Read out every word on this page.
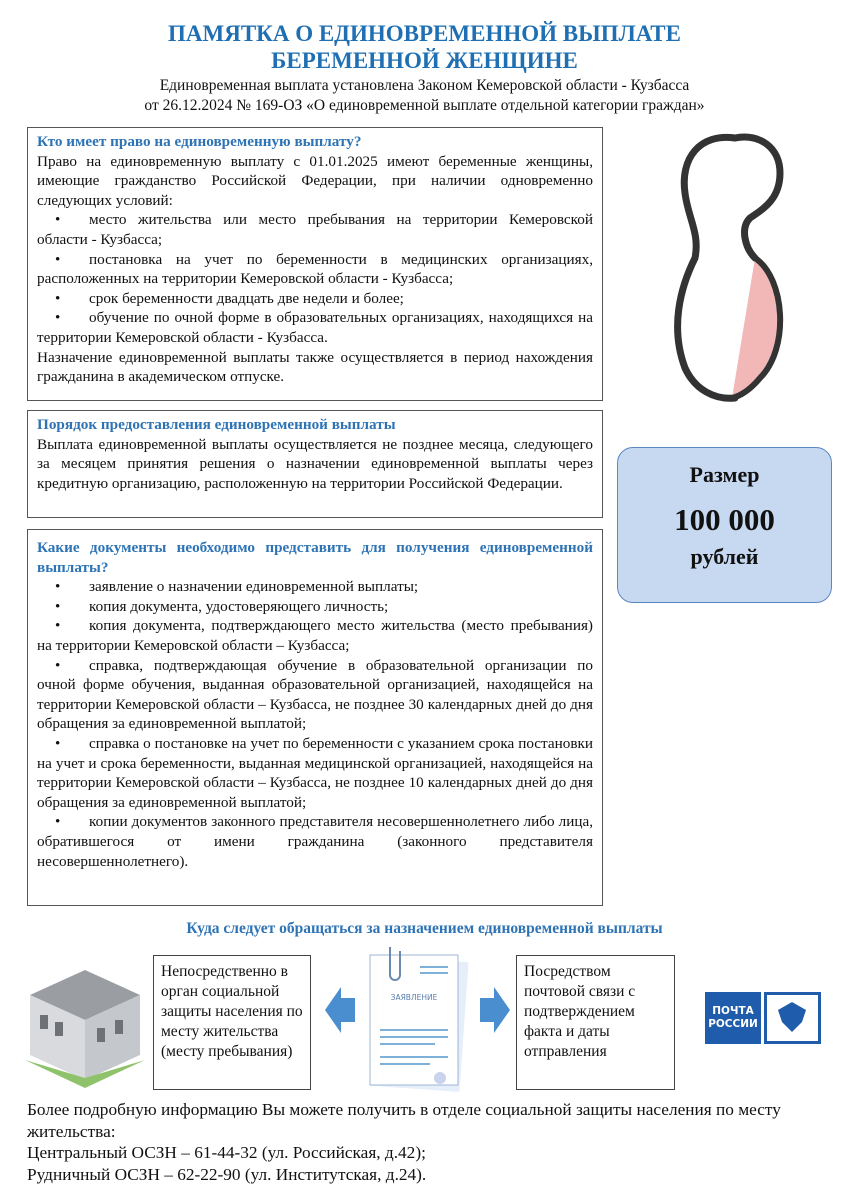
ПАМЯТКА О ЕДИНОВРЕМЕННОЙ ВЫПЛАТЕ
БЕРЕМЕННОЙ ЖЕНЩИНЕ
Единовременная выплата установлена Законом Кемеровской области - Кузбасса
от 26.12.2024 № 169-ОЗ «О единовременной выплате отдельной категории граждан»
Кто имеет право на единовременную выплату?

Право на единовременную выплату с 01.01.2025 имеют беременные женщины, имеющие гражданство Российской Федерации, при наличии одновременно следующих условий:

• место жительства или место пребывания на территории Кемеровской области - Кузбасса;

• постановка на учет по беременности в медицинских организациях, расположенных на территории Кемеровской области - Кузбасса;

• срок беременности двадцать две недели и более;

• обучение по очной форме в образовательных организациях, находящихся на территории Кемеровской области - Кузбасса.

Назначение единовременной выплаты также осуществляется в период нахождения гражданина в академическом отпуске.

Порядок предоставления единовременной выплаты

Выплата единовременной выплаты осуществляется не позднее месяца, следующего за месяцем принятия решения о назначении единовременной выплаты через кредитную организацию, расположенную на территории Российской Федерации.

Какие документы необходимо представить для получения единовременной выплаты?

• заявление о назначении единовременной выплаты;

• копия документа, удостоверяющего личность;

• копия документа, подтверждающего место жительства (место пребывания) на территории Кемеровской области – Кузбасса;

• справка, подтверждающая обучение в образовательной организации по очной форме обучения, выданная образовательной организацией, находящейся на территории Кемеровской области – Кузбасса, не позднее 30 календарных дней до дня обращения за единовременной выплатой;

• справка о постановке на учет по беременности с указанием срока постановки на учет и срока беременности, выданная медицинской организацией, находящейся на территории Кемеровской области – Кузбасса, не позднее 10 календарных дней до дня обращения за единовременной выплатой;

• копии документов законного представителя несовершеннолетнего либо лица, обратившегося от имени гражданина (законного представителя несовершеннолетнего).

Размер
100 000
рублей
Куда следует обращаться за назначением единовременной выплаты
Непосредственно в орган социальной защиты населения по месту жительства (месту пребывания)
ЗАЯВЛЕНИЕ
Посредством почтовой связи с подтверждением факта и даты отправления
ПОЧТА РОССИИ

Более подробную информацию Вы можете получить в отделе социальной защиты населения по месту жительства:

Центральный ОСЗН – 61-44-32 (ул. Российская, д.42);

Рудничный ОСЗН – 62-22-90 (ул. Институтская, д.24).
